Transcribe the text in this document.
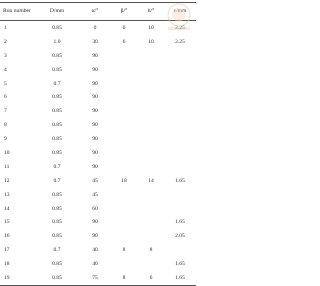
Run number	D/mm	α/°	β/°	h/°	c/mm
1	0.85	0	6	10	2.25
2	1.0	30	6	10	2.25
3	0.85	90			
4	0.85	90			
5	0.7	90			
6	0.85	90			
7	0.85	90			
8	0.85	90			
9	0.85	90			
10	0.85	90			
11	0.7	90			
12	0.7	45	18	14	1.65
13	0.85	45			
14	0.85	60			
15	0.85	90			1.65
16	0.85	90			2.05
17	0.7	40	8	8	
18	0.85	40			1.65
19	0.85	75	8	6	1.65
